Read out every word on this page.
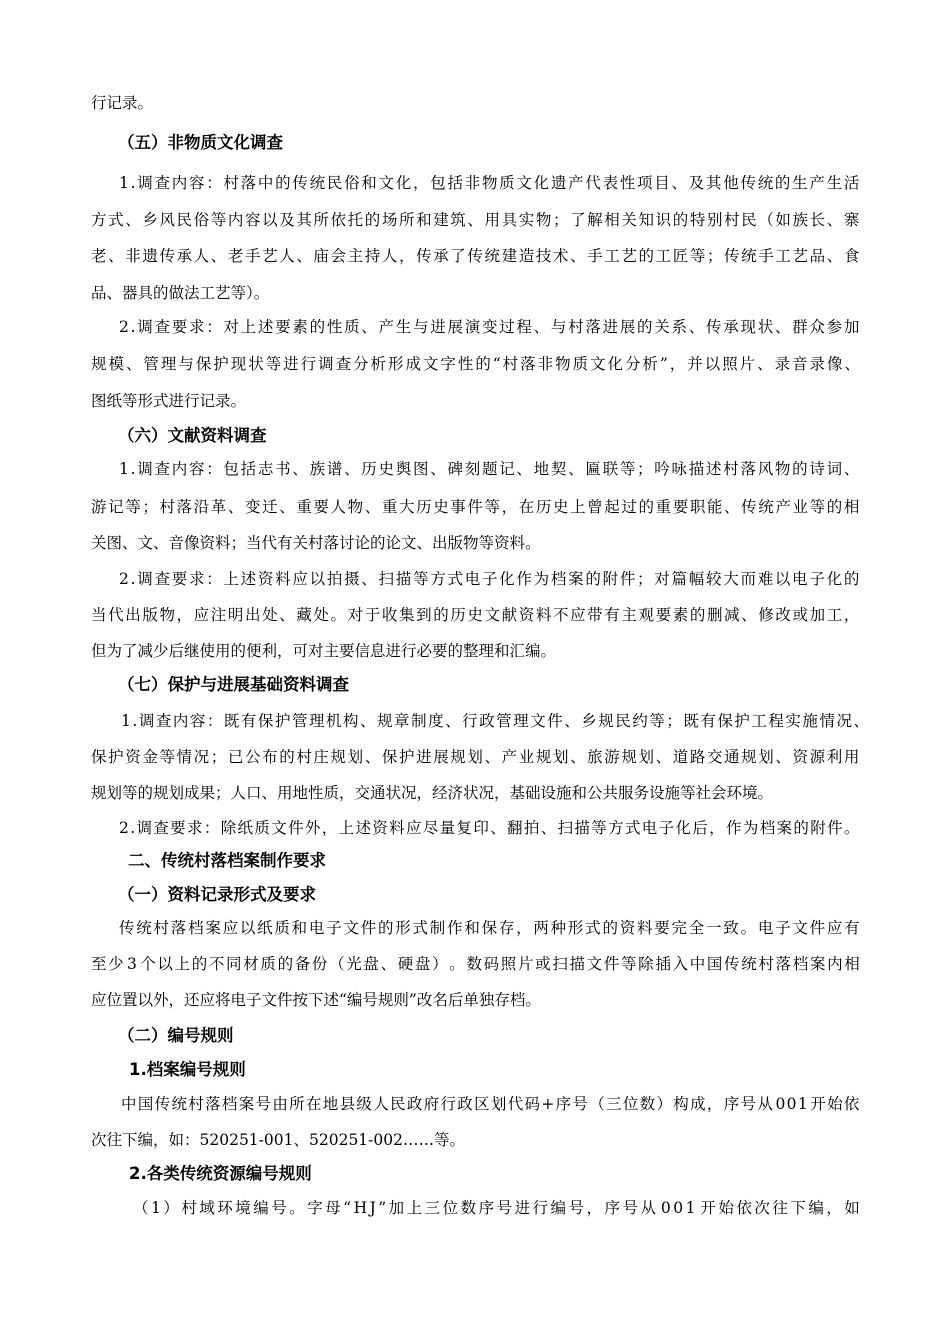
行记录。
（五）非物质文化调查
1 . 调 查 内 容 ： 村 落 中 的 传 统 民 俗 和 文 化 ， 包 括 非 物 质 文 化 遗 产 代 表 性 项 目 、 及 其 他 传 统 的 生 产 生 活
方 式 、 乡 风 民 俗 等 内 容 以 及 其 所 依 托 的 场 所 和 建 筑 、 用 具 实 物 ； 了 解 相 关 知 识 的 特 别 村 民 （ 如 族 长 、 寨
老 、 非 遗 传 承 人 、 老 手 艺 人 、 庙 会 主 持 人 ， 传 承 了 传 统 建 造 技 术 、 手 工 艺 的 工 匠 等 ； 传 统 手 工 艺 品 、 食
品、器具的做法工艺等）。
2 . 调 查 要 求 ： 对 上 述 要 素 的 性 质 、 产 生 与 进 展 演 变 过 程 、 与 村 落 进 展 的 关 系 、 传 承 现 状 、 群 众 参 加
规 模 、 管 理 与 保 护 现 状 等 进 行 调 查 分 析 形 成 文 字 性 的 “ 村 落 非 物 质 文 化 分 析 ” ， 并 以 照 片 、 录 音 录 像 、
图纸等形式进行记录。
（六）文献资料调查
1 . 调 查 内 容 ： 包 括 志 书 、 族 谱 、 历 史 舆 图 、 碑 刻 题 记 、 地 契 、 匾 联 等 ； 吟 咏 描 述 村 落 风 物 的 诗 词 、
游 记 等 ； 村 落 沿 革 、 变 迁 、 重 要 人 物 、 重 大 历 史 事 件 等 ， 在 历 史 上 曾 起 过 的 重 要 职 能 、 传 统 产 业 等 的 相
关图、文、音像资料；当代有关村落讨论的论文、出版物等资料。
2 . 调 查 要 求 ： 上 述 资 料 应 以 拍 摄 、 扫 描 等 方 式 电 子 化 作 为 档 案 的 附 件 ； 对 篇 幅 较 大 而 难 以 电 子 化 的
当 代 出 版 物 ， 应 注 明 出 处 、 藏 处 。 对 于 收 集 到 的 历 史 文 献 资 料 不 应 带 有 主 观 要 素 的 删 减 、 修 改 或 加 工 ，
但为了减少后继使用的便利，可对主要信息进行必要的整理和汇编。
（七）保护与进展基础资料调查
1 . 调 查 内 容 ： 既 有 保 护 管 理 机 构 、 规 章 制 度 、 行 政 管 理 文 件 、 乡 规 民 约 等 ； 既 有 保 护 工 程 实 施 情 况 、
保 护 资 金 等 情 况 ； 已 公 布 的 村 庄 规 划 、 保 护 进 展 规 划 、 产 业 规 划 、 旅 游 规 划 、 道 路 交 通 规 划 、 资 源 利 用
规划等的规划成果；人口、用地性质，交通状况，经济状况，基础设施和公共服务设施等社会环境。
2 . 调 查 要 求 ： 除 纸 质 文 件 外 ， 上 述 资 料 应 尽 量 复 印 、 翻 拍 、 扫 描 等 方 式 电 子 化 后 ， 作 为 档 案 的 附 件 。
二、传统村落档案制作要求
（一）资料记录形式及要求
传 统 村 落 档 案 应 以 纸 质 和 电 子 文 件 的 形 式 制 作 和 保 存 ， 两 种 形 式 的 资 料 要 完 全 一 致 。 电 子 文 件 应 有
至 少 3 个 以 上 的 不 同 材 质 的 备 份 （ 光 盘 、 硬 盘 ） 。 数 码 照 片 或 扫 描 文 件 等 除 插 入 中 国 传 统 村 落 档 案 内 相
应位置以外，还应将电子文件按下述“编号规则”改名后单独存档。
（二）编号规则
1.档案编号规则
中 国 传 统 村 落 档 案 号 由 所 在 地 县 级 人 民 政 府 行 政 区 划 代 码 + 序 号 （ 三 位 数 ） 构 成 ， 序 号 从 0 0 1 开 始 依
次往下编，如：520251-001、520251-002……等。
2.各类传统资源编号规则
（ 1 ） 村 域 环 境 编 号 。 字 母 “ H J ” 加 上 三 位 数 序 号 进 行 编 号 ， 序 号 从 0 0 1 开 始 依 次 往 下 编 ， 如
